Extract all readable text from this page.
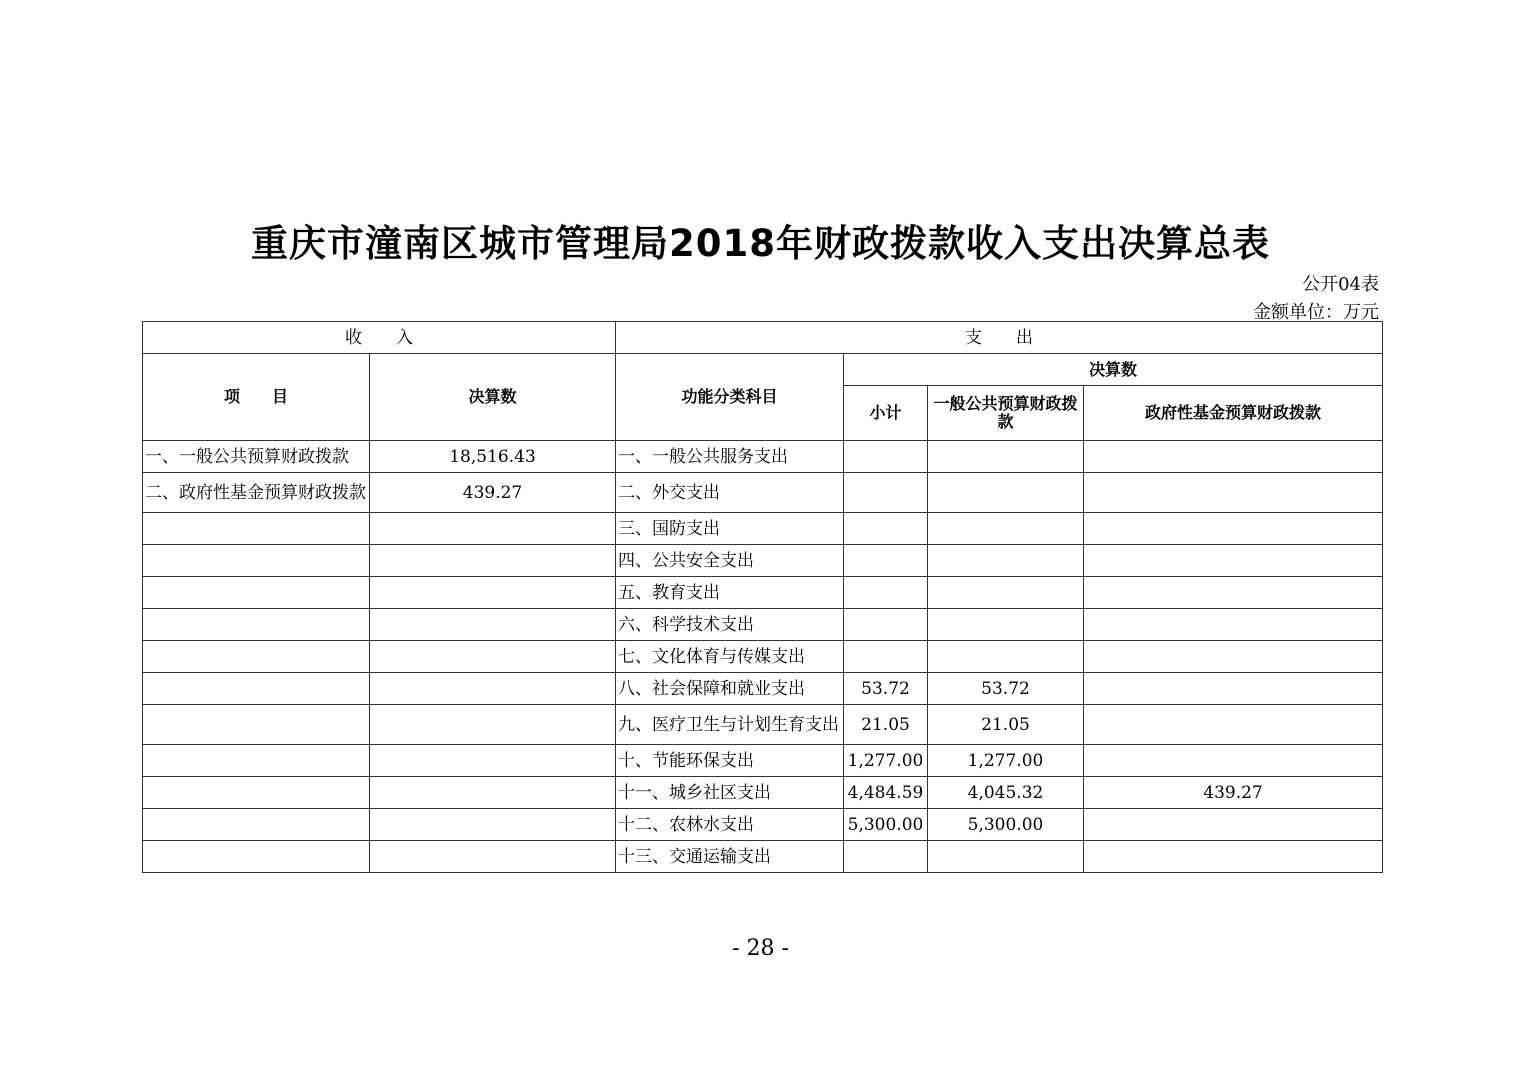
重庆市潼南区城市管理局2018年财政拨款收入支出决算总表
公开04表
金额单位：万元
收　　入		支　　出			
项　　目	决算数	功能分类科目	决算数		
			小计	一般公共预算财政拨款	政府性基金预算财政拨款
一、一般公共预算财政拨款	18,516.43	一、一般公共服务支出			
二、政府性基金预算财政拨款	439.27	二、外交支出			
		三、国防支出			
		四、公共安全支出			
		五、教育支出			
		六、科学技术支出			
		七、文化体育与传媒支出			
		八、社会保障和就业支出	53.72	53.72	
		九、医疗卫生与计划生育支出	21.05	21.05	
		十、节能环保支出	1,277.00	1,277.00	
		十一、城乡社区支出	4,484.59	4,045.32	439.27
		十二、农林水支出	5,300.00	5,300.00	
		十三、交通运输支出			
- 28 -
